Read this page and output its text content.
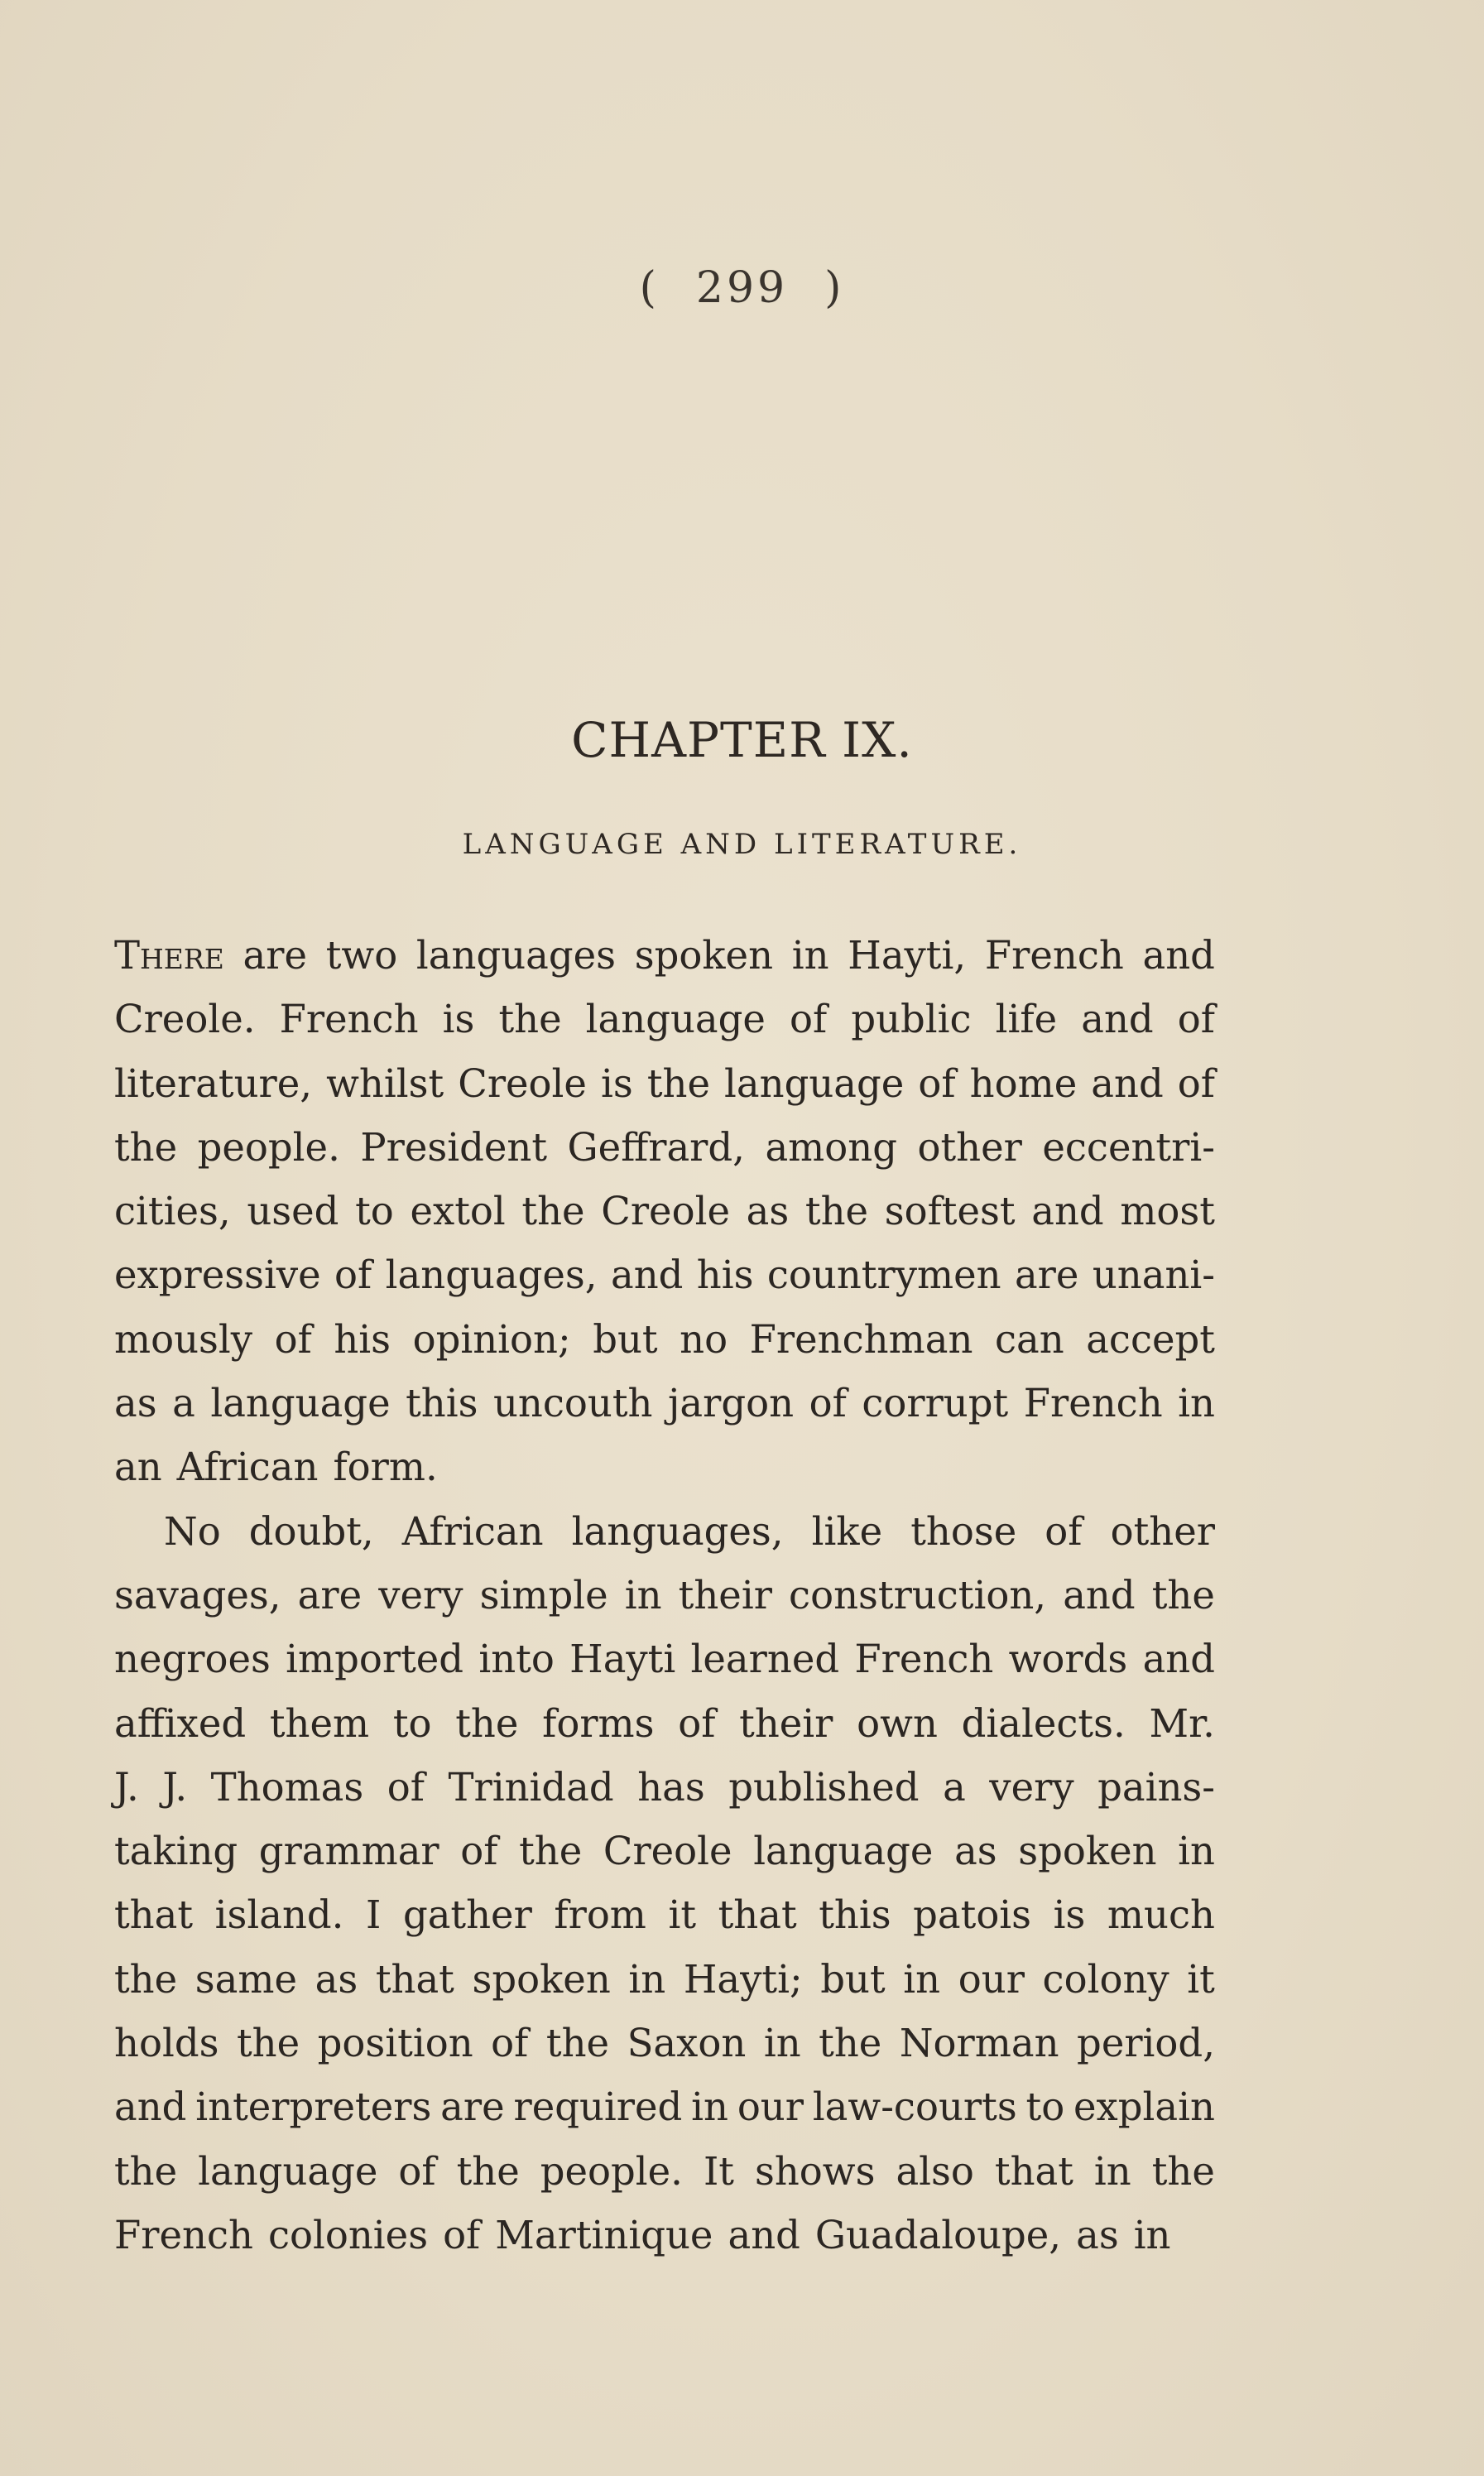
( 299 )
CHAPTER IX.
LANGUAGE AND LITERATURE.
There are two languages spoken in Hayti, French and
Creole. French is the language of public life and of
literature, whilst Creole is the language of home and of
the people. President Geffrard, among other eccentri-
cities, used to extol the Creole as the softest and most
expressive of languages, and his countrymen are unani-
mously of his opinion; but no Frenchman can accept
as a language this uncouth jargon of corrupt French in
an African form.
No doubt, African languages, like those of other
savages, are very simple in their construction, and the
negroes imported into Hayti learned French words and
affixed them to the forms of their own dialects. Mr.
J. J. Thomas of Trinidad has published a very pains-
taking grammar of the Creole language as spoken in
that island. I gather from it that this patois is much
the same as that spoken in Hayti; but in our colony it
holds the position of the Saxon in the Norman period,
and interpreters are required in our law-courts to explain
the language of the people. It shows also that in the
French colonies of Martinique and Guadaloupe, as in
